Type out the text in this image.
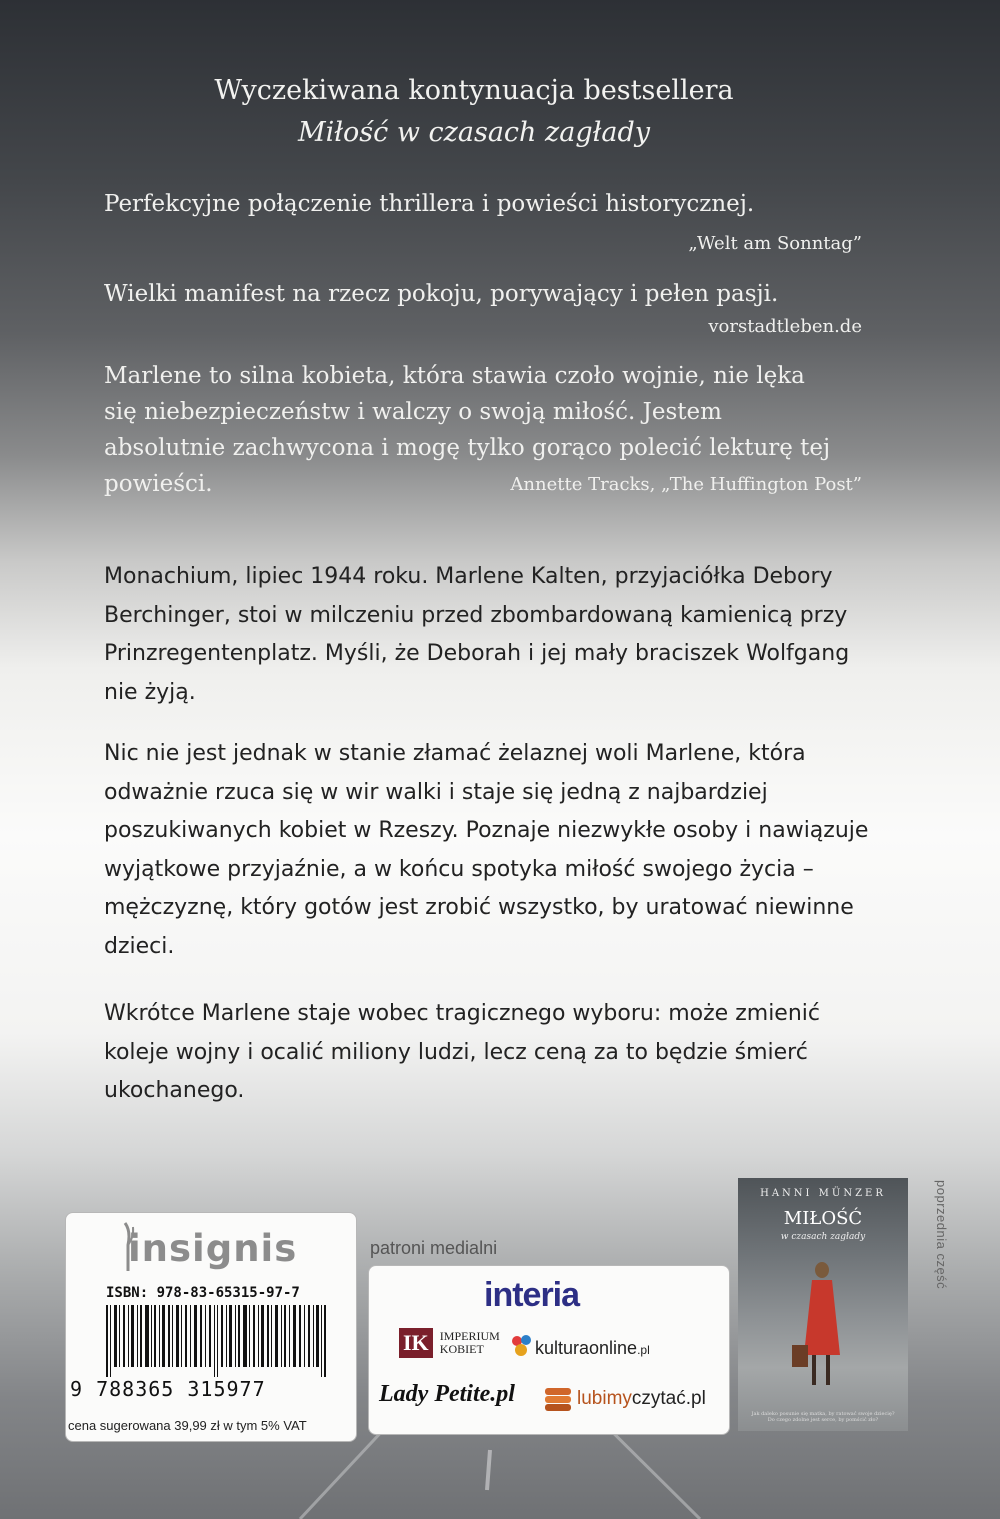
Wyczekiwana kontynuacja bestsellera
Miłość w czasach zagłady
Perfekcyjne połączenie thrillera i powieści historycznej.
„Welt am Sonntag”
Wielki manifest na rzecz pokoju, porywający i pełen pasji.
vorstadtleben.de
Marlene to silna kobieta, która stawia czoło wojnie, nie lęka się niebezpieczeństw i walczy o swoją miłość. Jestem absolutnie zachwycona i mogę tylko gorąco polecić lekturę tej powieści.	Annette Tracks, „The Huffington Post”
Monachium, lipiec 1944 roku. Marlene Kalten, przyjaciółka Debory Berchinger, stoi w milczeniu przed zbombardowaną kamienicą przy Prinzregentenplatz. Myśli, że Deborah i jej mały braciszek Wolfgang nie żyją.
Nic nie jest jednak w stanie złamać żelaznej woli Marlene, która odważnie rzuca się w wir walki i staje się jedną z najbardziej poszukiwanych kobiet w Rzeszy. Poznaje niezwykłe osoby i nawiązuje wyjątkowe przyjaźnie, a w końcu spotyka miłość swojego życia – mężczyznę, który gotów jest zrobić wszystko, by uratować niewinne dzieci.
Wkrótce Marlene staje wobec tragicznego wyboru: może zmienić koleje wojny i ocalić miliony ludzi, lecz ceną za to będzie śmierć ukochanego.
insignis
ISBN: 978-83-65315-97-7
9 788365 315977
cena sugerowana 39,99 zł w tym 5% VAT
patroni medialni
interia
IK IMPERIUM
KOBIET	kulturaonline.pl
Lady Petite.pl	lubimyczytać.pl
HANNI MÜNZER
MIŁOŚĆ
w czasach zagłady
Jak daleko posunie się matka, by ratować swoje dziecię? Do czego zdolne jest serce, by pomścić zło?
poprzednia część
